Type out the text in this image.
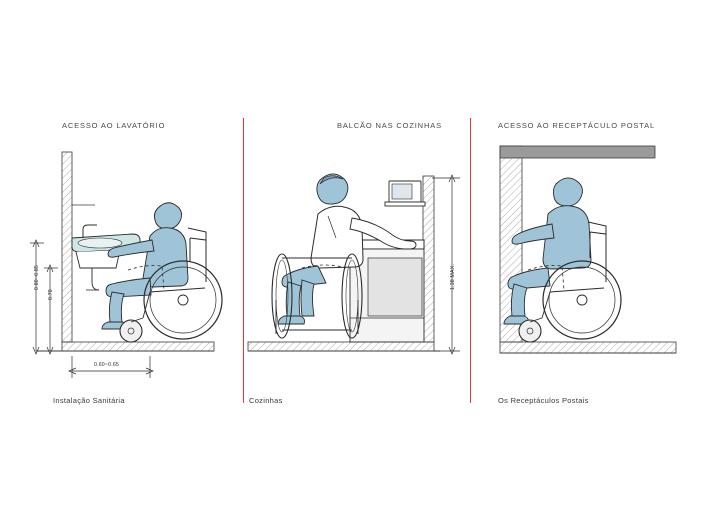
ACESSO AO LAVATÓRIO
0.80~0.85
0.70
0.60~0.65
Instalação Sanitária
BALCÃO NAS COZINHAS
1,38 MAX.
Cozinhas
ACESSO AO RECEPTÁCULO POSTAL
Os Receptáculos Postais
